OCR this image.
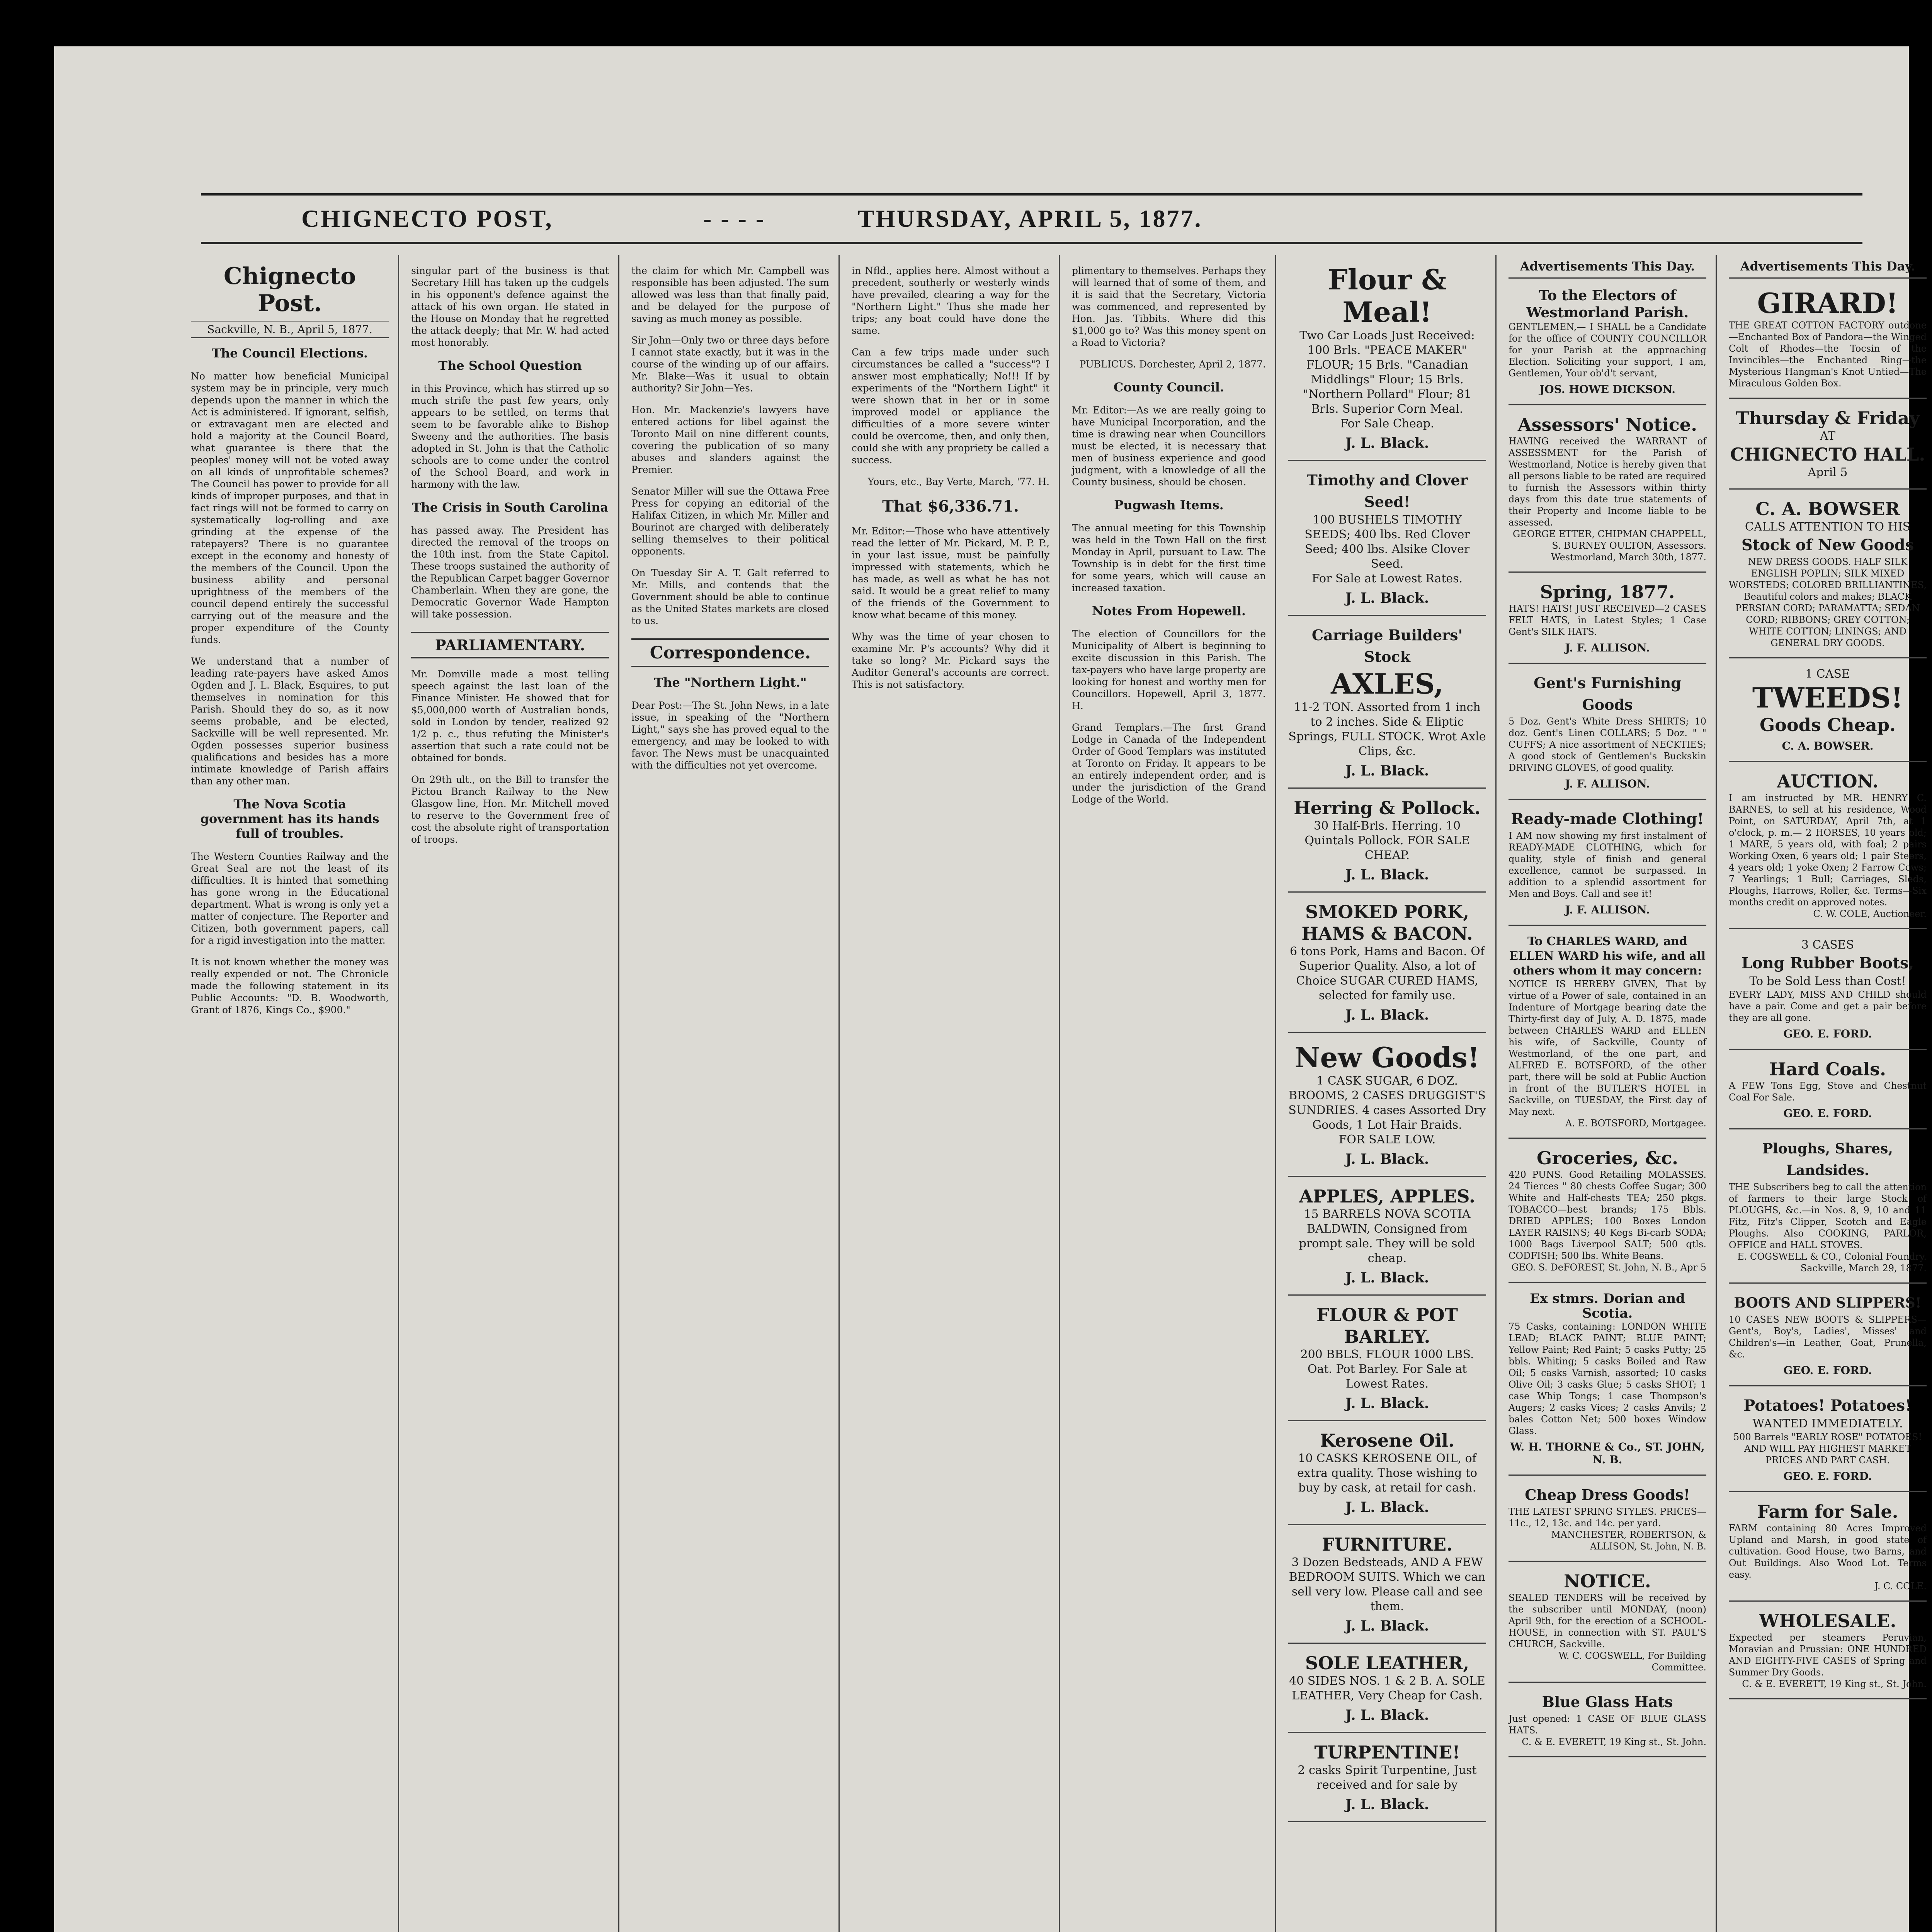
CHIGNECTO POST,	- - - -	THURSDAY, APRIL 5, 1877.
Chignecto Post.
Sackville, N. B., April 5, 1877.
The Council Elections.

No matter how beneficial Municipal system may be in principle, very much depends upon the manner in which the Act is administered. If ignorant, selfish, or extravagant men are elected and hold a majority at the Council Board, what guarantee is there that the peoples' money will not be voted away on all kinds of unprofitable schemes? The Council has power to provide for all kinds of improper purposes, and that in fact rings will not be formed to carry on systematically log-rolling and axe grinding at the expense of the ratepayers? There is no guarantee except in the economy and honesty of the members of the Council. Upon the business ability and personal uprightness of the members of the council depend entirely the successful carrying out of the measure and the proper expenditure of the County funds.

We understand that a number of leading rate-payers have asked Amos Ogden and J. L. Black, Esquires, to put themselves in nomination for this Parish. Should they do so, as it now seems probable, and be elected, Sackville will be well represented. Mr. Ogden possesses superior business qualifications and besides has a more intimate knowledge of Parish affairs than any other man.

The Nova Scotia government has its hands full of troubles.

The Western Counties Railway and the Great Seal are not the least of its difficulties. It is hinted that something has gone wrong in the Educational department. What is wrong is only yet a matter of conjecture. The Reporter and Citizen, both government papers, call for a rigid investigation into the matter.

It is not known whether the money was really expended or not. The Chronicle made the following statement in its Public Accounts: "D. B. Woodworth, Grant of 1876, Kings Co., $900."

singular part of the business is that Secretary Hill has taken up the cudgels in his opponent's defence against the attack of his own organ. He stated in the House on Monday that he regretted the attack deeply; that Mr. W. had acted most honorably.

The School Question

in this Province, which has stirred up so much strife the past few years, only appears to be settled, on terms that seem to be favorable alike to Bishop Sweeny and the authorities. The basis adopted in St. John is that the Catholic schools are to come under the control of the School Board, and work in harmony with the law.

The Crisis in South Carolina

has passed away. The President has directed the removal of the troops on the 10th inst. from the State Capitol. These troops sustained the authority of the Republican Carpet bagger Governor Chamberlain. When they are gone, the Democratic Governor Wade Hampton will take possession.

PARLIAMENTARY.

Mr. Domville made a most telling speech against the last loan of the Finance Minister. He showed that for $5,000,000 worth of Australian bonds, sold in London by tender, realized 92 1/2 p. c., thus refuting the Minister's assertion that such a rate could not be obtained for bonds.

On 29th ult., on the Bill to transfer the Pictou Branch Railway to the New Glasgow line, Hon. Mr. Mitchell moved to reserve to the Government free of cost the absolute right of transportation of troops.

the claim for which Mr. Campbell was responsible has been adjusted. The sum allowed was less than that finally paid, and be delayed for the purpose of saving as much money as possible.

Sir John—Only two or three days before I cannot state exactly, but it was in the course of the winding up of our affairs. Mr. Blake—Was it usual to obtain authority? Sir John—Yes.

Hon. Mr. Mackenzie's lawyers have entered actions for libel against the Toronto Mail on nine different counts, covering the publication of so many abuses and slanders against the Premier.

Senator Miller will sue the Ottawa Free Press for copying an editorial of the Halifax Citizen, in which Mr. Miller and Bourinot are charged with deliberately selling themselves to their political opponents.

On Tuesday Sir A. T. Galt referred to Mr. Mills, and contends that the Government should be able to continue as the United States markets are closed to us.

Correspondence.
The "Northern Light."

Dear Post:—The St. John News, in a late issue, in speaking of the "Northern Light," says she has proved equal to the emergency, and may be looked to with favor. The News must be unacquainted with the difficulties not yet overcome.

in Nfld., applies here. Almost without a precedent, southerly or westerly winds have prevailed, clearing a way for the "Northern Light." Thus she made her trips; any boat could have done the same.

Can a few trips made under such circumstances be called a "success"? I answer most emphatically; No!!! If by experiments of the "Northern Light" it were shown that in her or in some improved model or appliance the difficulties of a more severe winter could be overcome, then, and only then, could she with any propriety be called a success.

Yours, etc., Bay Verte, March, '77. H.

That $6,336.71.

Mr. Editor:—Those who have attentively read the letter of Mr. Pickard, M. P. P., in your last issue, must be painfully impressed with statements, which he has made, as well as what he has not said. It would be a great relief to many of the friends of the Government to know what became of this money.

Why was the time of year chosen to examine Mr. P's accounts? Why did it take so long? Mr. Pickard says the Auditor General's accounts are correct. This is not satisfactory.

plimentary to themselves. Perhaps they will learned that of some of them, and it is said that the Secretary, Victoria was commenced, and represented by Hon. Jas. Tibbits. Where did this $1,000 go to? Was this money spent on a Road to Victoria?

PUBLICUS. Dorchester, April 2, 1877.

County Council.

Mr. Editor:—As we are really going to have Municipal Incorporation, and the time is drawing near when Councillors must be elected, it is necessary that men of business experience and good judgment, with a knowledge of all the County business, should be chosen.

Pugwash Items.

The annual meeting for this Township was held in the Town Hall on the first Monday in April, pursuant to Law. The Township is in debt for the first time for some years, which will cause an increased taxation.

Notes From Hopewell.

The election of Councillors for the Municipality of Albert is beginning to excite discussion in this Parish. The tax-payers who have large property are looking for honest and worthy men for Councillors. Hopewell, April 3, 1877. H.

Grand Templars.—The first Grand Lodge in Canada of the Independent Order of Good Templars was instituted at Toronto on Friday. It appears to be an entirely independent order, and is under the jurisdiction of the Grand Lodge of the World.

Flour & Meal!
Two Car Loads Just Received:
100 Brls. "PEACE MAKER" FLOUR; 15 Brls. "Canadian Middlings" Flour; 15 Brls. "Northern Pollard" Flour; 81 Brls. Superior Corn Meal.
For Sale Cheap.
J. L. Black.
Timothy and Clover Seed!
100 BUSHELS TIMOTHY SEEDS; 400 lbs. Red Clover Seed; 400 lbs. Alsike Clover Seed.
For Sale at Lowest Rates.
J. L. Black.
Carriage Builders' Stock
AXLES,
11-2 TON. Assorted from 1 inch to 2 inches. Side & Eliptic Springs, FULL STOCK. Wrot Axle Clips, &c.
J. L. Black.
Herring & Pollock.
30 Half-Brls. Herring. 10 Quintals Pollock. FOR SALE CHEAP.
J. L. Black.
SMOKED PORK, HAMS & BACON.
6 tons Pork, Hams and Bacon. Of Superior Quality. Also, a lot of Choice SUGAR CURED HAMS, selected for family use.
J. L. Black.
New Goods!
1 CASK SUGAR, 6 DOZ. BROOMS, 2 CASES DRUGGIST'S SUNDRIES. 4 cases Assorted Dry Goods, 1 Lot Hair Braids.
FOR SALE LOW.
J. L. Black.
APPLES, APPLES.
15 BARRELS NOVA SCOTIA BALDWIN, Consigned from prompt sale. They will be sold cheap.
J. L. Black.
FLOUR & POT BARLEY.
200 BBLS. FLOUR 1000 LBS. Oat. Pot Barley. For Sale at Lowest Rates.
J. L. Black.
Kerosene Oil.
10 CASKS KEROSENE OIL, of extra quality. Those wishing to buy by cask, at retail for cash.
J. L. Black.
FURNITURE.
3 Dozen Bedsteads, AND A FEW BEDROOM SUITS. Which we can sell very low. Please call and see them.
J. L. Black.
SOLE LEATHER,
40 SIDES NOS. 1 & 2 B. A. SOLE LEATHER, Very Cheap for Cash.
J. L. Black.
TURPENTINE!
2 casks Spirit Turpentine, Just received and for sale by
J. L. Black.
Advertisements This Day.
To the Electors of Westmorland Parish.
GENTLEMEN,— I SHALL be a Candidate for the office of COUNTY COUNCILLOR for your Parish at the approaching Election. Soliciting your support, I am, Gentlemen, Your ob'd't servant,
JOS. HOWE DICKSON.
Assessors' Notice.
HAVING received the WARRANT of ASSESSMENT for the Parish of Westmorland, Notice is hereby given that all persons liable to be rated are required to furnish the Assessors within thirty days from this date true statements of their Property and Income liable to be assessed.
GEORGE ETTER, CHIPMAN CHAPPELL, S. BURNEY OULTON, Assessors. Westmorland, March 30th, 1877.
Spring, 1877.
HATS! HATS! JUST RECEIVED—2 CASES FELT HATS, in Latest Styles; 1 Case Gent's SILK HATS.
J. F. ALLISON.
Gent's Furnishing Goods
5 Doz. Gent's White Dress SHIRTS; 10 doz. Gent's Linen COLLARS; 5 Doz. " " CUFFS; A nice assortment of NECKTIES; A good stock of Gentlemen's Buckskin DRIVING GLOVES, of good quality.
J. F. ALLISON.
Ready-made Clothing!
I AM now showing my first instalment of READY-MADE CLOTHING, which for quality, style of finish and general excellence, cannot be surpassed. In addition to a splendid assortment for Men and Boys. Call and see it!
J. F. ALLISON.
To CHARLES WARD, and ELLEN WARD his wife, and all others whom it may concern:
NOTICE IS HEREBY GIVEN, That by virtue of a Power of sale, contained in an Indenture of Mortgage bearing date the Thirty-first day of July, A. D. 1875, made between CHARLES WARD and ELLEN his wife, of Sackville, County of Westmorland, of the one part, and ALFRED E. BOTSFORD, of the other part, there will be sold at Public Auction in front of the BUTLER'S HOTEL in Sackville, on TUESDAY, the First day of May next.
A. E. BOTSFORD, Mortgagee.
Groceries, &c.
420 PUNS. Good Retailing MOLASSES. 24 Tierces " 80 chests Coffee Sugar; 300 White and Half-chests TEA; 250 pkgs. TOBACCO—best brands; 175 Bbls. DRIED APPLES; 100 Boxes London LAYER RAISINS; 40 Kegs Bi-carb SODA; 1000 Bags Liverpool SALT; 500 qtls. CODFISH; 500 lbs. White Beans.
GEO. S. DeFOREST, St. John, N. B., Apr 5
Ex stmrs. Dorian and Scotia.
75 Casks, containing: LONDON WHITE LEAD; BLACK PAINT; BLUE PAINT; Yellow Paint; Red Paint; 5 casks Putty; 25 bbls. Whiting; 5 casks Boiled and Raw Oil; 5 casks Varnish, assorted; 10 casks Olive Oil; 3 casks Glue; 5 casks SHOT; 1 case Whip Tongs; 1 case Thompson's Augers; 2 casks Vices; 2 casks Anvils; 2 bales Cotton Net; 500 boxes Window Glass.
W. H. THORNE & Co., ST. JOHN, N. B.
Cheap Dress Goods!
THE LATEST SPRING STYLES. PRICES—11c., 12, 13c. and 14c. per yard.
MANCHESTER, ROBERTSON, & ALLISON, St. John, N. B.
NOTICE.
SEALED TENDERS will be received by the subscriber until MONDAY, (noon) April 9th, for the erection of a SCHOOL-HOUSE, in connection with ST. PAUL'S CHURCH, Sackville.
W. C. COGSWELL, For Building Committee.
Blue Glass Hats
Just opened: 1 CASE OF BLUE GLASS HATS.
C. & E. EVERETT, 19 King st., St. John.
Advertisements This Day.
GIRARD!
THE GREAT COTTON FACTORY outdone—Enchanted Box of Pandora—the Winged Colt of Rhodes—the Tocsin of the Invincibles—the Enchanted Ring—the Mysterious Hangman's Knot Untied—The Miraculous Golden Box.
Thursday & Friday
AT
CHIGNECTO HALL.
April 5
C. A. BOWSER
CALLS ATTENTION TO HIS
Stock of New Goods
NEW DRESS GOODS. HALF SILK ENGLISH POPLIN; SILK MIXED WORSTEDS; COLORED BRILLIANTINES, Beautiful colors and makes; BLACK PERSIAN CORD; PARAMATTA; SEDAN CORD; RIBBONS; GREY COTTON; WHITE COTTON; LININGS; AND GENERAL DRY GOODS.
1 CASE
TWEEDS!
Goods Cheap.
C. A. BOWSER.
AUCTION.
I am instructed by MR. HENRY C. BARNES, to sell at his residence, Wood Point, on SATURDAY, April 7th, at 1 o'clock, p. m.— 2 HORSES, 10 years old; 1 MARE, 5 years old, with foal; 2 pairs Working Oxen, 6 years old; 1 pair Steers, 4 years old; 1 yoke Oxen; 2 Farrow Cows; 7 Yearlings; 1 Bull; Carriages, Sleds, Ploughs, Harrows, Roller, &c. Terms—Six months credit on approved notes.
C. W. COLE, Auctioneer.
3 CASES
Long Rubber Boots,
To be Sold Less than Cost!
EVERY LADY, MISS AND CHILD should have a pair. Come and get a pair before they are all gone.
GEO. E. FORD.
Hard Coals.
A FEW Tons Egg, Stove and Chestnut Coal For Sale.
GEO. E. FORD.
Ploughs, Shares, Landsides.
THE Subscribers beg to call the attention of farmers to their large Stock of PLOUGHS, &c.—in Nos. 8, 9, 10 and 11 Fitz, Fitz's Clipper, Scotch and Eagle Ploughs. Also COOKING, PARLOR, OFFICE and HALL STOVES.
E. COGSWELL & CO., Colonial Foundry. Sackville, March 29, 1877.
BOOTS AND SLIPPERS!
10 CASES NEW BOOTS & SLIPPERS—Gent's, Boy's, Ladies', Misses' and Children's—in Leather, Goat, Prunella, &c.
GEO. E. FORD.
Potatoes! Potatoes!
WANTED IMMEDIATELY.
500 Barrels "EARLY ROSE" POTATOES! AND WILL PAY HIGHEST MARKET PRICES AND PART CASH.
GEO. E. FORD.
Farm for Sale.
FARM containing 80 Acres Improved Upland and Marsh, in good state of cultivation. Good House, two Barns, and Out Buildings. Also Wood Lot. Terms easy.
J. C. COLE.
WHOLESALE.
Expected per steamers Peruvian, Moravian and Prussian: ONE HUNDRED AND EIGHTY-FIVE CASES of Spring and Summer Dry Goods.
C. & E. EVERETT, 19 King st., St. John.
